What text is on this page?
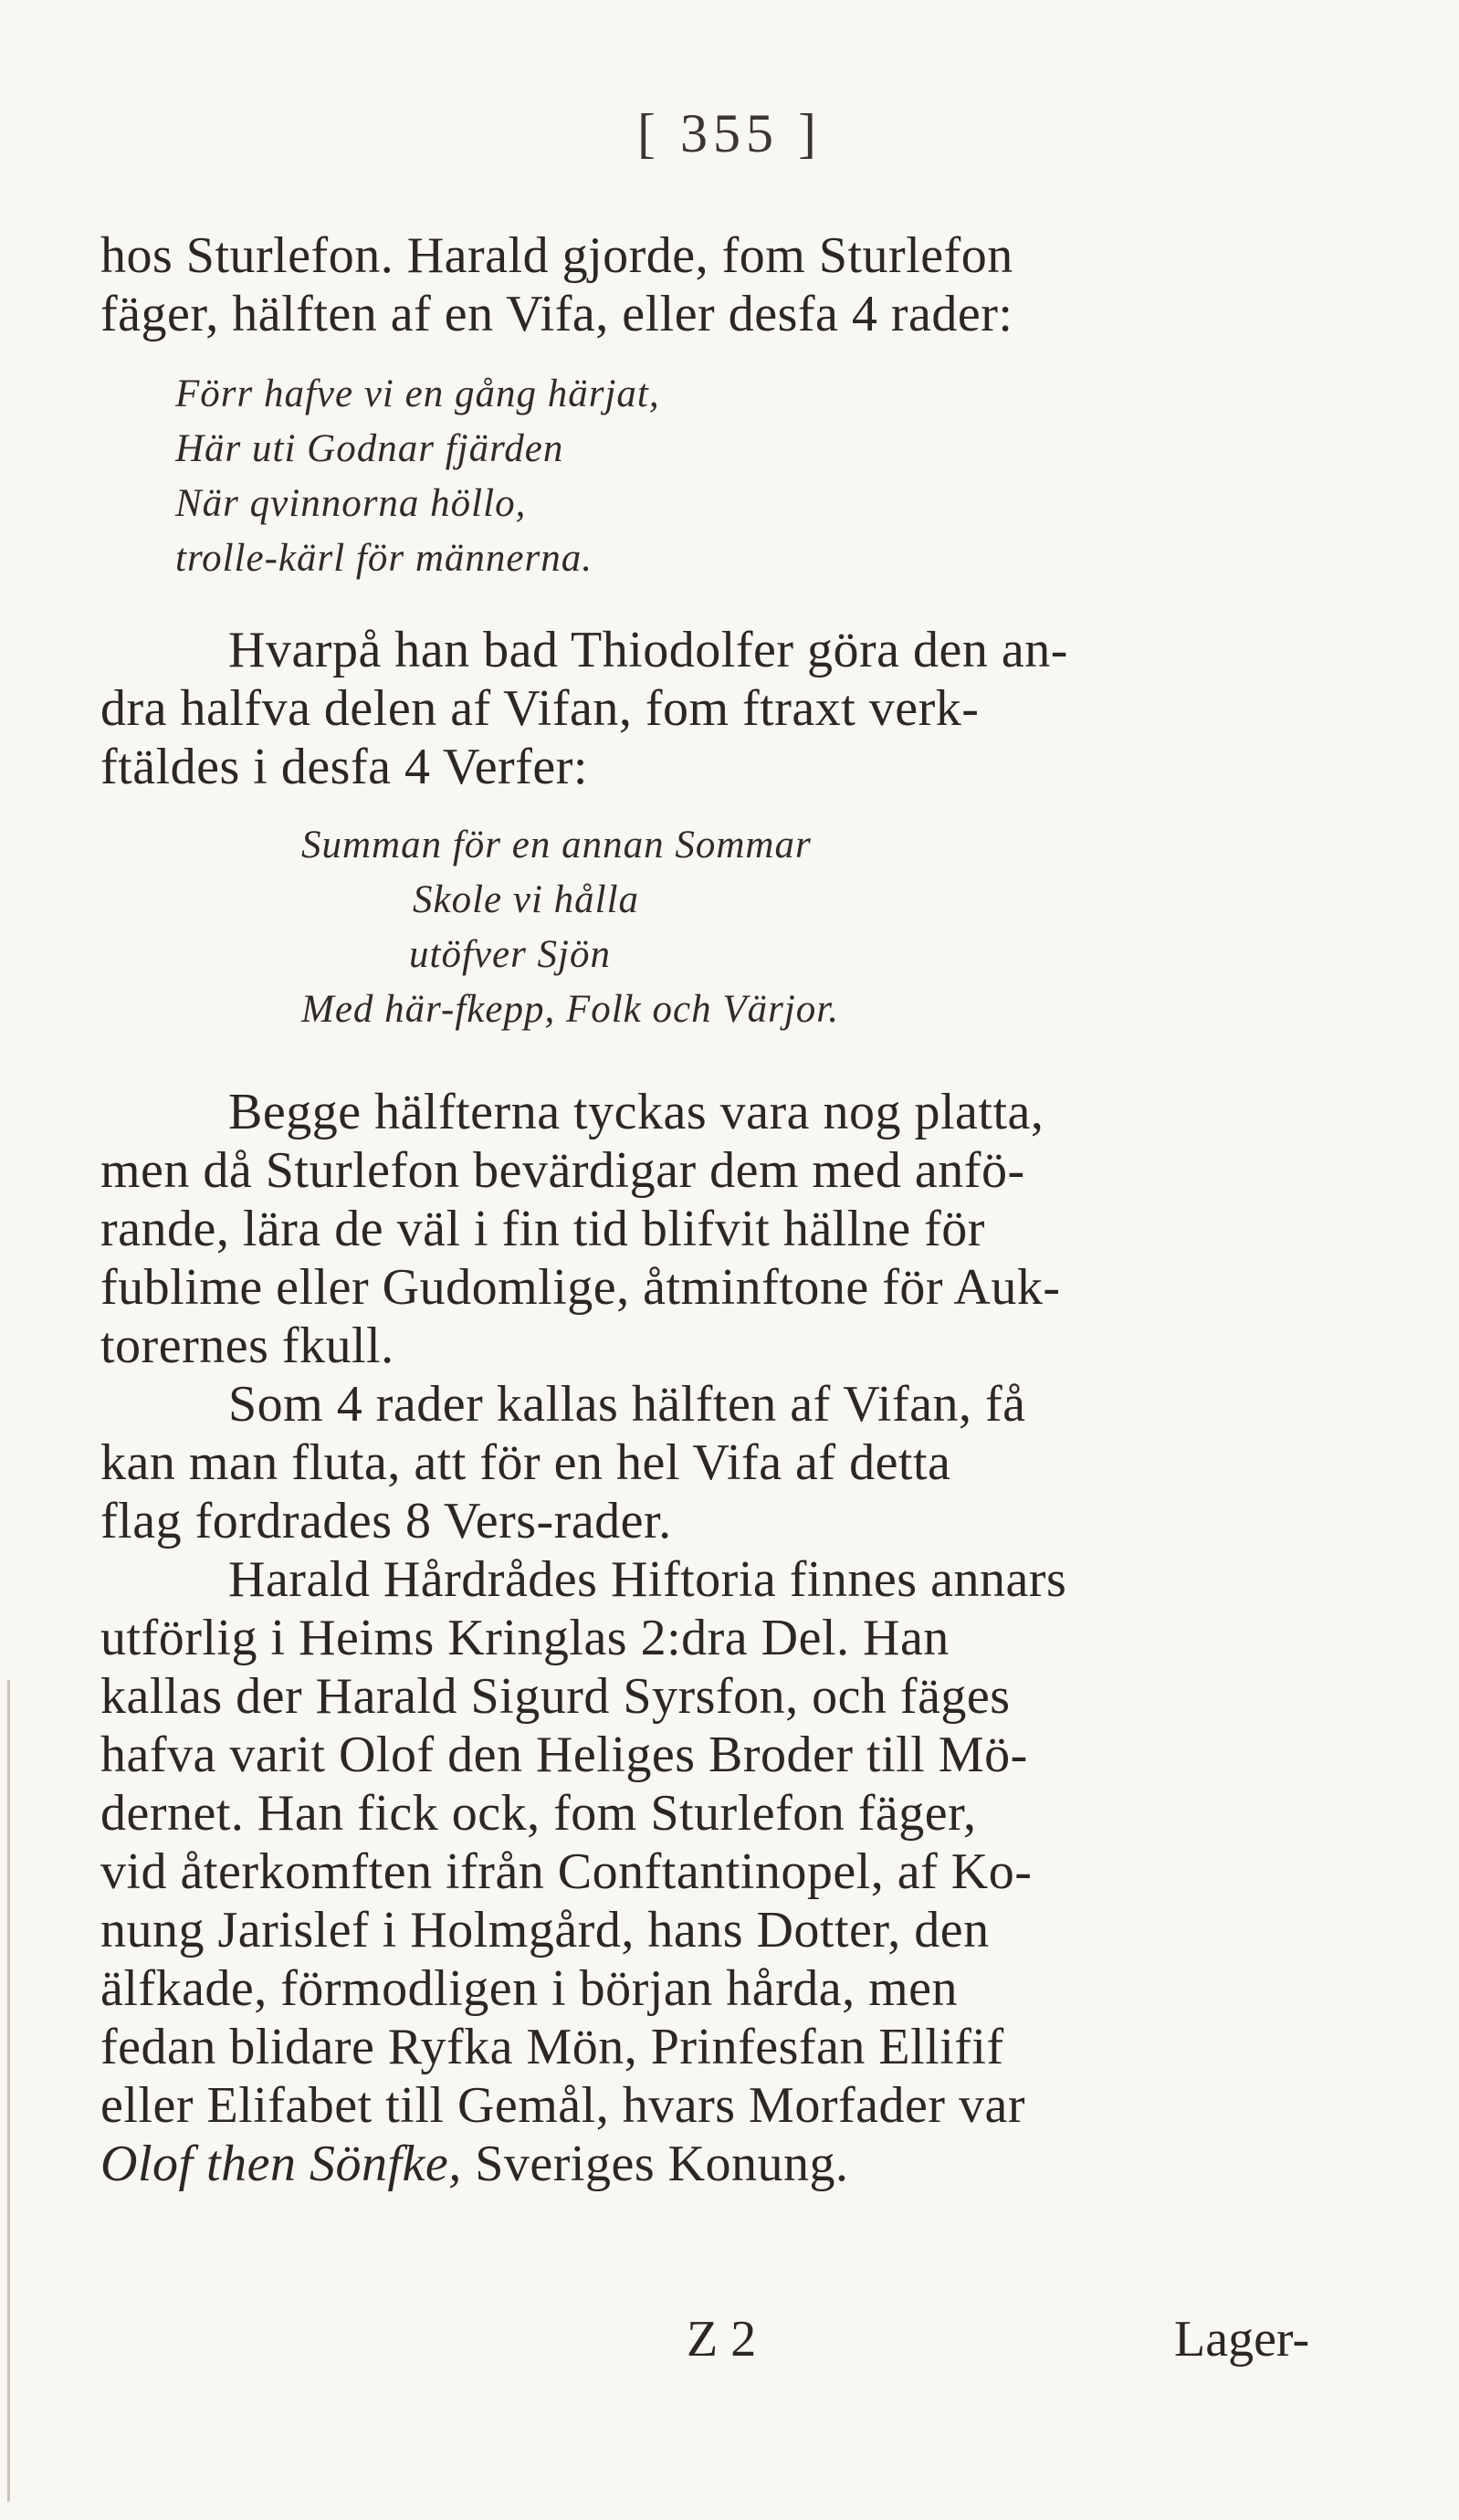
[ 355 ]
hos Sturlefon. Harald gjorde, fom Sturlefon
fäger, hälften af en Vifa, eller desfa 4 rader:
Förr hafve vi en gång härjat,
Här uti Godnar fjärden
När qvinnorna höllo,
trolle-kärl för männerna.
Hvarpå han bad Thiodolfer göra den an-
dra halfva delen af Vifan, fom ftraxt verk-
ftäldes i desfa 4 Verfer:
Summan för en annan Sommar
Skole vi hålla
utöfver Sjön
Med här-fkepp, Folk och Värjor.
Begge hälfterna tyckas vara nog platta,
men då Sturlefon bevärdigar dem med anfö-
rande, lära de väl i fin tid blifvit hällne för
fublime eller Gudomlige, åtminftone för Auk-
torernes fkull.
Som 4 rader kallas hälften af Vifan, få
kan man fluta, att för en hel Vifa af detta
flag fordrades 8 Vers-rader.
Harald Hårdrådes Hiftoria finnes annars
utförlig i Heims Kringlas 2:dra Del. Han
kallas der Harald Sigurd Syrsfon, och fäges
hafva varit Olof den Heliges Broder till Mö-
dernet. Han fick ock, fom Sturlefon fäger,
vid återkomften ifrån Conftantinopel, af Ko-
nung Jarislef i Holmgård, hans Dotter, den
älfkade, förmodligen i början hårda, men
fedan blidare Ryfka Mön, Prinfesfan Ellifif
eller Elifabet till Gemål, hvars Morfader var
Olof then Sönfke, Sveriges Konung.
Z 2	Lager-
